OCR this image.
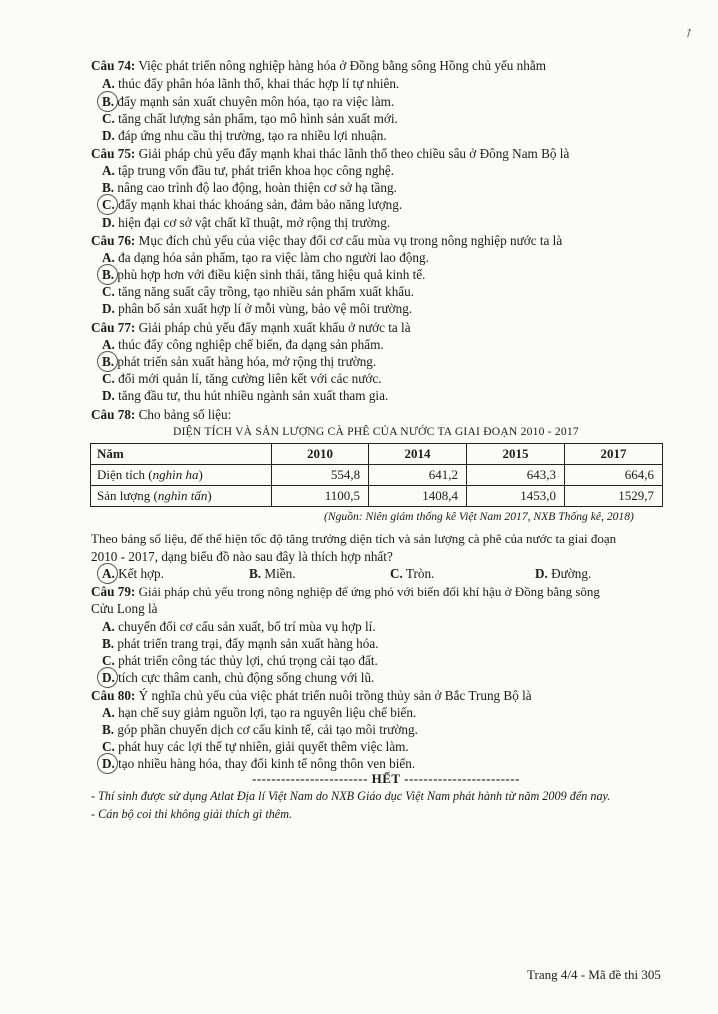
↗
Câu 74: Việc phát triển nông nghiệp hàng hóa ở Đồng bằng sông Hồng chủ yếu nhằm
A. thúc đẩy phân hóa lãnh thổ, khai thác hợp lí tự nhiên.
B. đẩy mạnh sản xuất chuyên môn hóa, tạo ra việc làm.
C. tăng chất lượng sản phẩm, tạo mô hình sản xuất mới.
D. đáp ứng nhu cầu thị trường, tạo ra nhiều lợi nhuận.
Câu 75: Giải pháp chủ yếu đẩy mạnh khai thác lãnh thổ theo chiều sâu ở Đông Nam Bộ là
A. tập trung vốn đầu tư, phát triển khoa học công nghệ.
B. nâng cao trình độ lao động, hoàn thiện cơ sở hạ tầng.
C. đẩy mạnh khai thác khoáng sản, đảm bảo năng lượng.
D. hiện đại cơ sở vật chất kĩ thuật, mở rộng thị trường.
Câu 76: Mục đích chủ yếu của việc thay đổi cơ cấu mùa vụ trong nông nghiệp nước ta là
A. đa dạng hóa sản phẩm, tạo ra việc làm cho người lao động.
B. phù hợp hơn với điều kiện sinh thái, tăng hiệu quả kinh tế.
C. tăng năng suất cây trồng, tạo nhiều sản phẩm xuất khẩu.
D. phân bố sản xuất hợp lí ở mỗi vùng, bảo vệ môi trường.
Câu 77: Giải pháp chủ yếu đẩy mạnh xuất khẩu ở nước ta là
A. thúc đẩy công nghiệp chế biến, đa dạng sản phẩm.
B. phát triển sản xuất hàng hóa, mở rộng thị trường.
C. đổi mới quản lí, tăng cường liên kết với các nước.
D. tăng đầu tư, thu hút nhiều ngành sản xuất tham gia.
Câu 78: Cho bảng số liệu:
DIỆN TÍCH VÀ SẢN LƯỢNG CÀ PHÊ CỦA NƯỚC TA GIAI ĐOẠN 2010 - 2017
Năm	2010	2014	2015	2017
Diện tích (nghìn ha)	554,8	641,2	643,3	664,6
Sản lượng (nghìn tấn)	1100,5	1408,4	1453,0	1529,7
(Nguồn: Niên giám thống kê Việt Nam 2017, NXB Thống kê, 2018)
Theo bảng số liệu, để thể hiện tốc độ tăng trưởng diện tích và sản lượng cà phê của nước ta giai đoạn
2010 - 2017, dạng biểu đồ nào sau đây là thích hợp nhất?
A. Kết hợp.	B. Miền.	C. Tròn.	D. Đường.
Câu 79: Giải pháp chủ yếu trong nông nghiệp để ứng phó với biến đổi khí hậu ở Đồng bằng sông
Cửu Long là
A. chuyển đổi cơ cấu sản xuất, bố trí mùa vụ hợp lí.
B. phát triển trang trại, đẩy mạnh sản xuất hàng hóa.
C. phát triển công tác thủy lợi, chú trọng cải tạo đất.
D. tích cực thâm canh, chủ động sống chung với lũ.
Câu 80: Ý nghĩa chủ yếu của việc phát triển nuôi trồng thủy sản ở Bắc Trung Bộ là
A. hạn chế suy giảm nguồn lợi, tạo ra nguyên liệu chế biến.
B. góp phần chuyển dịch cơ cấu kinh tế, cải tạo môi trường.
C. phát huy các lợi thế tự nhiên, giải quyết thêm việc làm.
D. tạo nhiều hàng hóa, thay đổi kinh tế nông thôn ven biển.
------------------------ HẾT ------------------------
- Thí sinh được sử dụng Atlat Địa lí Việt Nam do NXB Giáo dục Việt Nam phát hành từ năm 2009 đến nay.
- Cán bộ coi thi không giải thích gì thêm.
Trang 4/4 - Mã đề thi 305
